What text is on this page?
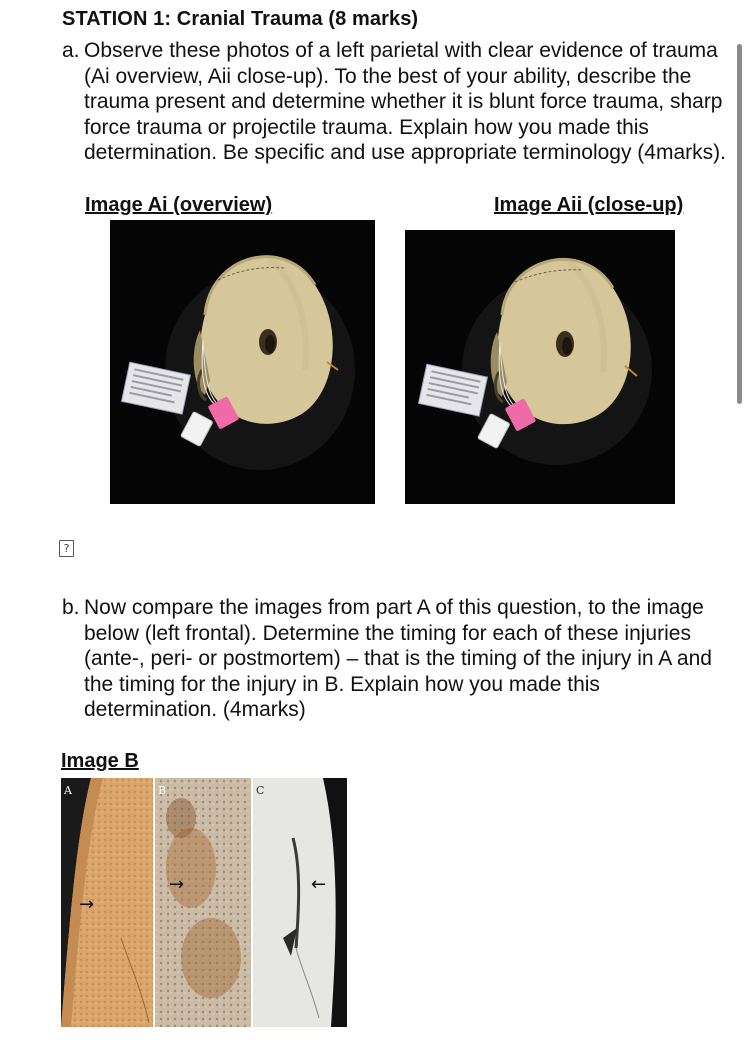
STATION 1: Cranial Trauma (8 marks)
a. Observe these photos of a left parietal with clear evidence of trauma (Ai overview, Aii close-up). To the best of your ability, describe the trauma present and determine whether it is blunt force trauma, sharp force trauma or projectile trauma. Explain how you made this determination. Be specific and use appropriate terminology (4marks).
Image Ai (overview)	Image Aii (close-up)
?
b. Now compare the images from part A of this question, to the image below (left frontal). Determine the timing for each of these injuries (ante-, peri- or postmortem) – that is the timing of the injury in A and the timing for the injury in B. Explain how you made this determination. (4marks)
Image B
A	B	C
→
→	←
